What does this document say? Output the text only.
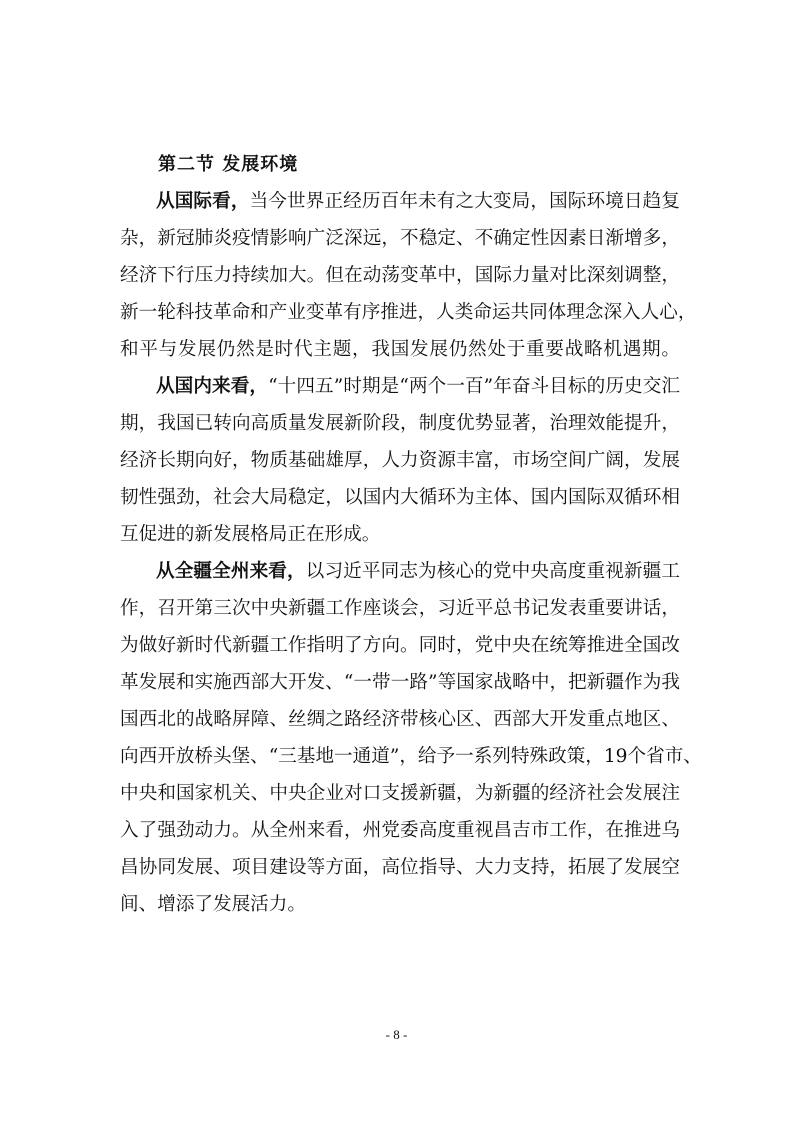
第二节 发展环境
从国际看，当今世界正经历百年未有之大变局，国际环境日趋复
杂，新冠肺炎疫情影响广泛深远，不稳定、不确定性因素日渐增多，
经济下行压力持续加大。但在动荡变革中，国际力量对比深刻调整，
新一轮科技革命和产业变革有序推进，人类命运共同体理念深入人心，
和平与发展仍然是时代主题，我国发展仍然处于重要战略机遇期。
从国内来看，“十四五”时期是“两个一百”年奋斗目标的历史交汇
期，我国已转向高质量发展新阶段，制度优势显著，治理效能提升，
经济长期向好，物质基础雄厚，人力资源丰富，市场空间广阔，发展
韧性强劲，社会大局稳定，以国内大循环为主体、国内国际双循环相
互促进的新发展格局正在形成。
从全疆全州来看，以习近平同志为核心的党中央高度重视新疆工
作，召开第三次中央新疆工作座谈会，习近平总书记发表重要讲话，
为做好新时代新疆工作指明了方向。同时，党中央在统筹推进全国改
革发展和实施西部大开发、“一带一路”等国家战略中，把新疆作为我
国西北的战略屏障、丝绸之路经济带核心区、西部大开发重点地区、
向西开放桥头堡、“三基地一通道”，给予一系列特殊政策，19个省市、
中央和国家机关、中央企业对口支援新疆，为新疆的经济社会发展注
入了强劲动力。从全州来看，州党委高度重视昌吉市工作，在推进乌
昌协同发展、项目建设等方面，高位指导、大力支持，拓展了发展空
间、增添了发展活力。
- 8 -
